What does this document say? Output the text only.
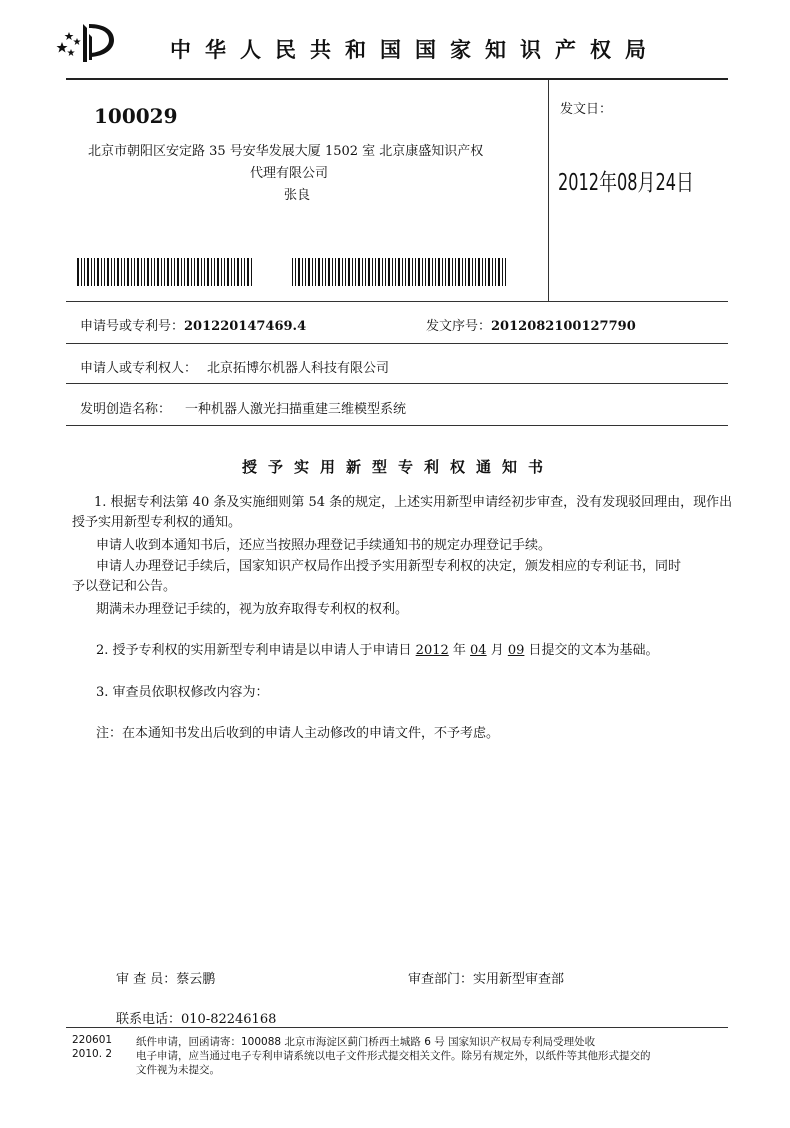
中华人民共和国国家知识产权局
100029
北京市朝阳区安定路 35 号安华发展大厦 1502 室 北京康盛知识产权
代理有限公司
张良
发文日：
2012年08月24日
申请号或专利号：201220147469.4	发文序号：2012082100127790
申请人或专利权人： 北京拓博尔机器人科技有限公司
发明创造名称： 一种机器人激光扫描重建三维模型系统
授予实用新型专利权通知书
1. 根据专利法第 40 条及实施细则第 54 条的规定，上述实用新型申请经初步审查，没有发现驳回理由，现作出
授予实用新型专利权的通知。
申请人收到本通知书后，还应当按照办理登记手续通知书的规定办理登记手续。
申请人办理登记手续后，国家知识产权局作出授予实用新型专利权的决定，颁发相应的专利证书，同时
予以登记和公告。
期满未办理登记手续的，视为放弃取得专利权的权利。
2. 授予专利权的实用新型专利申请是以申请人于申请日 2012 年 04 月 09 日提交的文本为基础。
3. 审查员依职权修改内容为：
注：在本通知书发出后收到的申请人主动修改的申请文件，不予考虑。
审 查 员：蔡云鹏	审查部门：实用新型审查部
联系电话：010-82246168
220601
2010. 2
纸件申请，回函请寄：100088 北京市海淀区蓟门桥西土城路 6 号 国家知识产权局专利局受理处收
电子申请，应当通过电子专利申请系统以电子文件形式提交相关文件。除另有规定外，以纸件等其他形式提交的
文件视为未提交。
